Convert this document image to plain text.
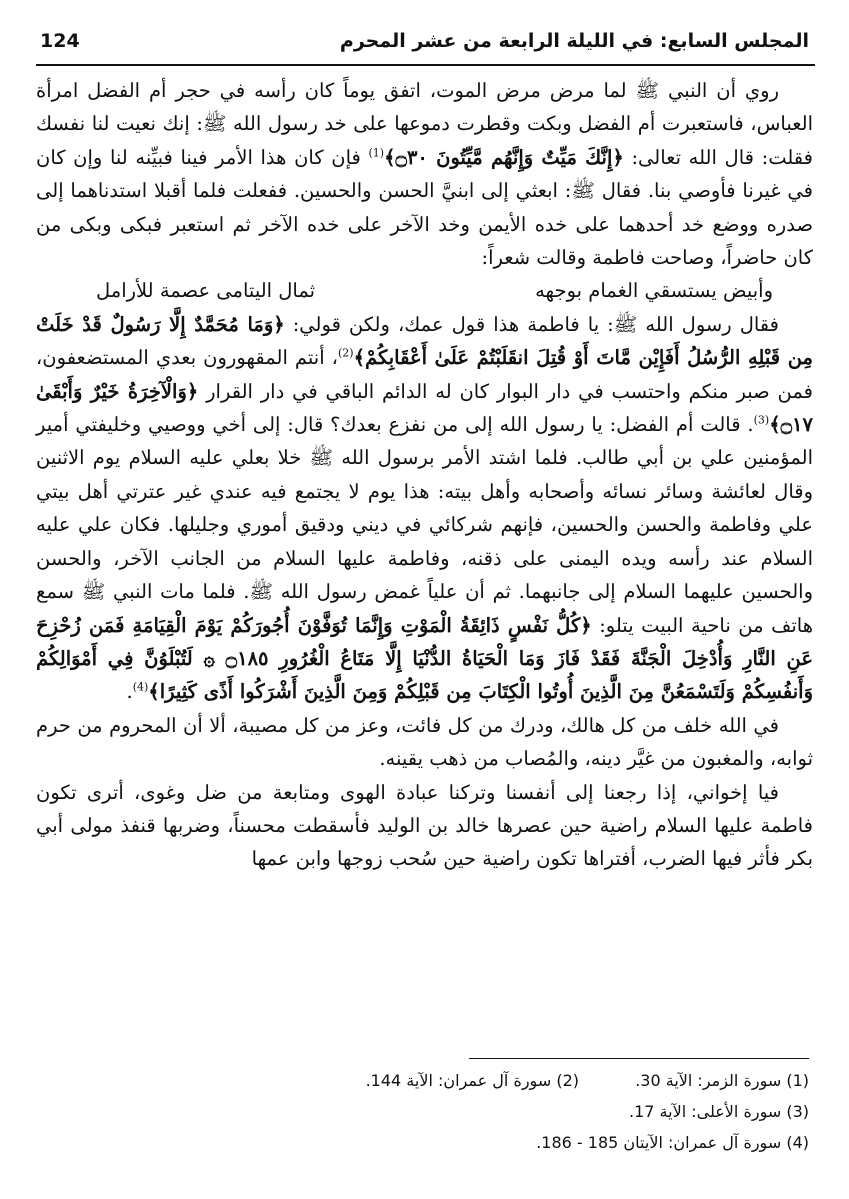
المجلس السابع: في الليلة الرابعة من عشر المحرم
124

روي أن النبي ﷺ لما مرض مرض الموت، اتفق يوماً كان رأسه في حجر أم الفضل امرأة العباس، فاستعبرت أم الفضل وبكت وقطرت دموعها على خد رسول الله ﷺ: إنك نعيت لنا نفسك فقلت: قال الله تعالى: ﴿إِنَّكَ مَيِّتٌ وَإِنَّهُم مَّيِّتُونَ ۝٣٠﴾$^{(1)}$ فإن كان هذا الأمر فينا فبيِّنه لنا وإن كان في غيرنا فأوصي بنا. فقال ﷺ: ابعثي إلى ابنيَّ الحسن والحسين. ففعلت فلما أقبلا استدناهما إلى صدره ووضع خد أحدهما على خده الأيمن وخد الآخر على خده الآخر ثم استعبر فبكى وبكى من كان حاضراً، وصاحت فاطمة وقالت شعراً:

وأبيض يستسقي الغمام بوجهه
ثمال اليتامى عصمة للأرامل

فقال رسول الله ﷺ: يا فاطمة هذا قول عمك، ولكن قولي: ﴿وَمَا مُحَمَّدٌ إِلَّا رَسُولٌ قَدْ خَلَتْ مِن قَبْلِهِ الرُّسُلُ أَفَإِيْن مَّاتَ أَوْ قُتِلَ انقَلَبْتُمْ عَلَىٰ أَعْقَابِكُمْ﴾$^{(2)}$، أنتم المقهورون بعدي المستضعفون، فمن صبر منكم واحتسب في دار البوار كان له الدائم الباقي في دار القرار ﴿وَالْآخِرَةُ خَيْرٌ وَأَبْقَىٰ ۝١٧﴾$^{(3)}$. قالت أم الفضل: يا رسول الله إلى من نفزع بعدك؟ قال: إلى أخي ووصيي وخليفتي أمير المؤمنين علي بن أبي طالب. فلما اشتد الأمر برسول الله ﷺ خلا بعلي عليه السلام يوم الاثنين وقال لعائشة وسائر نسائه وأصحابه وأهل بيته: هذا يوم لا يجتمع فيه عندي غير عترتي أهل بيتي علي وفاطمة والحسن والحسين، فإنهم شركائي في ديني ودقيق أموري وجليلها. فكان علي عليه السلام عند رأسه ويده اليمنى على ذقنه، وفاطمة عليها السلام من الجانب الآخر، والحسن والحسين عليهما السلام إلى جانبهما. ثم أن علياً غمض رسول الله ﷺ. فلما مات النبي ﷺ سمع هاتف من ناحية البيت يتلو: ﴿كُلُّ نَفْسٍ ذَائِقَةُ الْمَوْتِ وَإِنَّمَا تُوَفَّوْنَ أُجُورَكُمْ يَوْمَ الْقِيَامَةِ فَمَن زُحْزِحَ عَنِ النَّارِ وَأُدْخِلَ الْجَنَّةَ فَقَدْ فَازَ وَمَا الْحَيَاةُ الدُّنْيَا إِلَّا مَتَاعُ الْغُرُورِ ۝١٨٥ ۞ لَتُبْلَوُنَّ فِي أَمْوَالِكُمْ وَأَنفُسِكُمْ وَلَتَسْمَعُنَّ مِنَ الَّذِينَ أُوتُوا الْكِتَابَ مِن قَبْلِكُمْ وَمِنَ الَّذِينَ أَشْرَكُوا أَذًى كَثِيرًا﴾$^{(4)}$.

في الله خلف من كل هالك، ودرك من كل فائت، وعز من كل مصيبة، ألا أن المحروم من حرم ثوابه، والمغبون من غيَّر دينه، والمُصاب من ذهب يقينه.

فيا إخواني، إذا رجعنا إلى أنفسنا وتركنا عبادة الهوى ومتابعة من ضل وغوى، أترى تكون فاطمة عليها السلام راضية حين عصرها خالد بن الوليد فأسقطت محسناً، وضربها قنفذ مولى أبي بكر فأثر فيها الضرب، أفتراها تكون راضية حين سُحب زوجها وابن عمها

(1) سورة الزمر: الآية 30.
(2) سورة آل عمران: الآية 144.
(3) سورة الأعلى: الآية 17.
(4) سورة آل عمران: الآيتان 185 - 186.
